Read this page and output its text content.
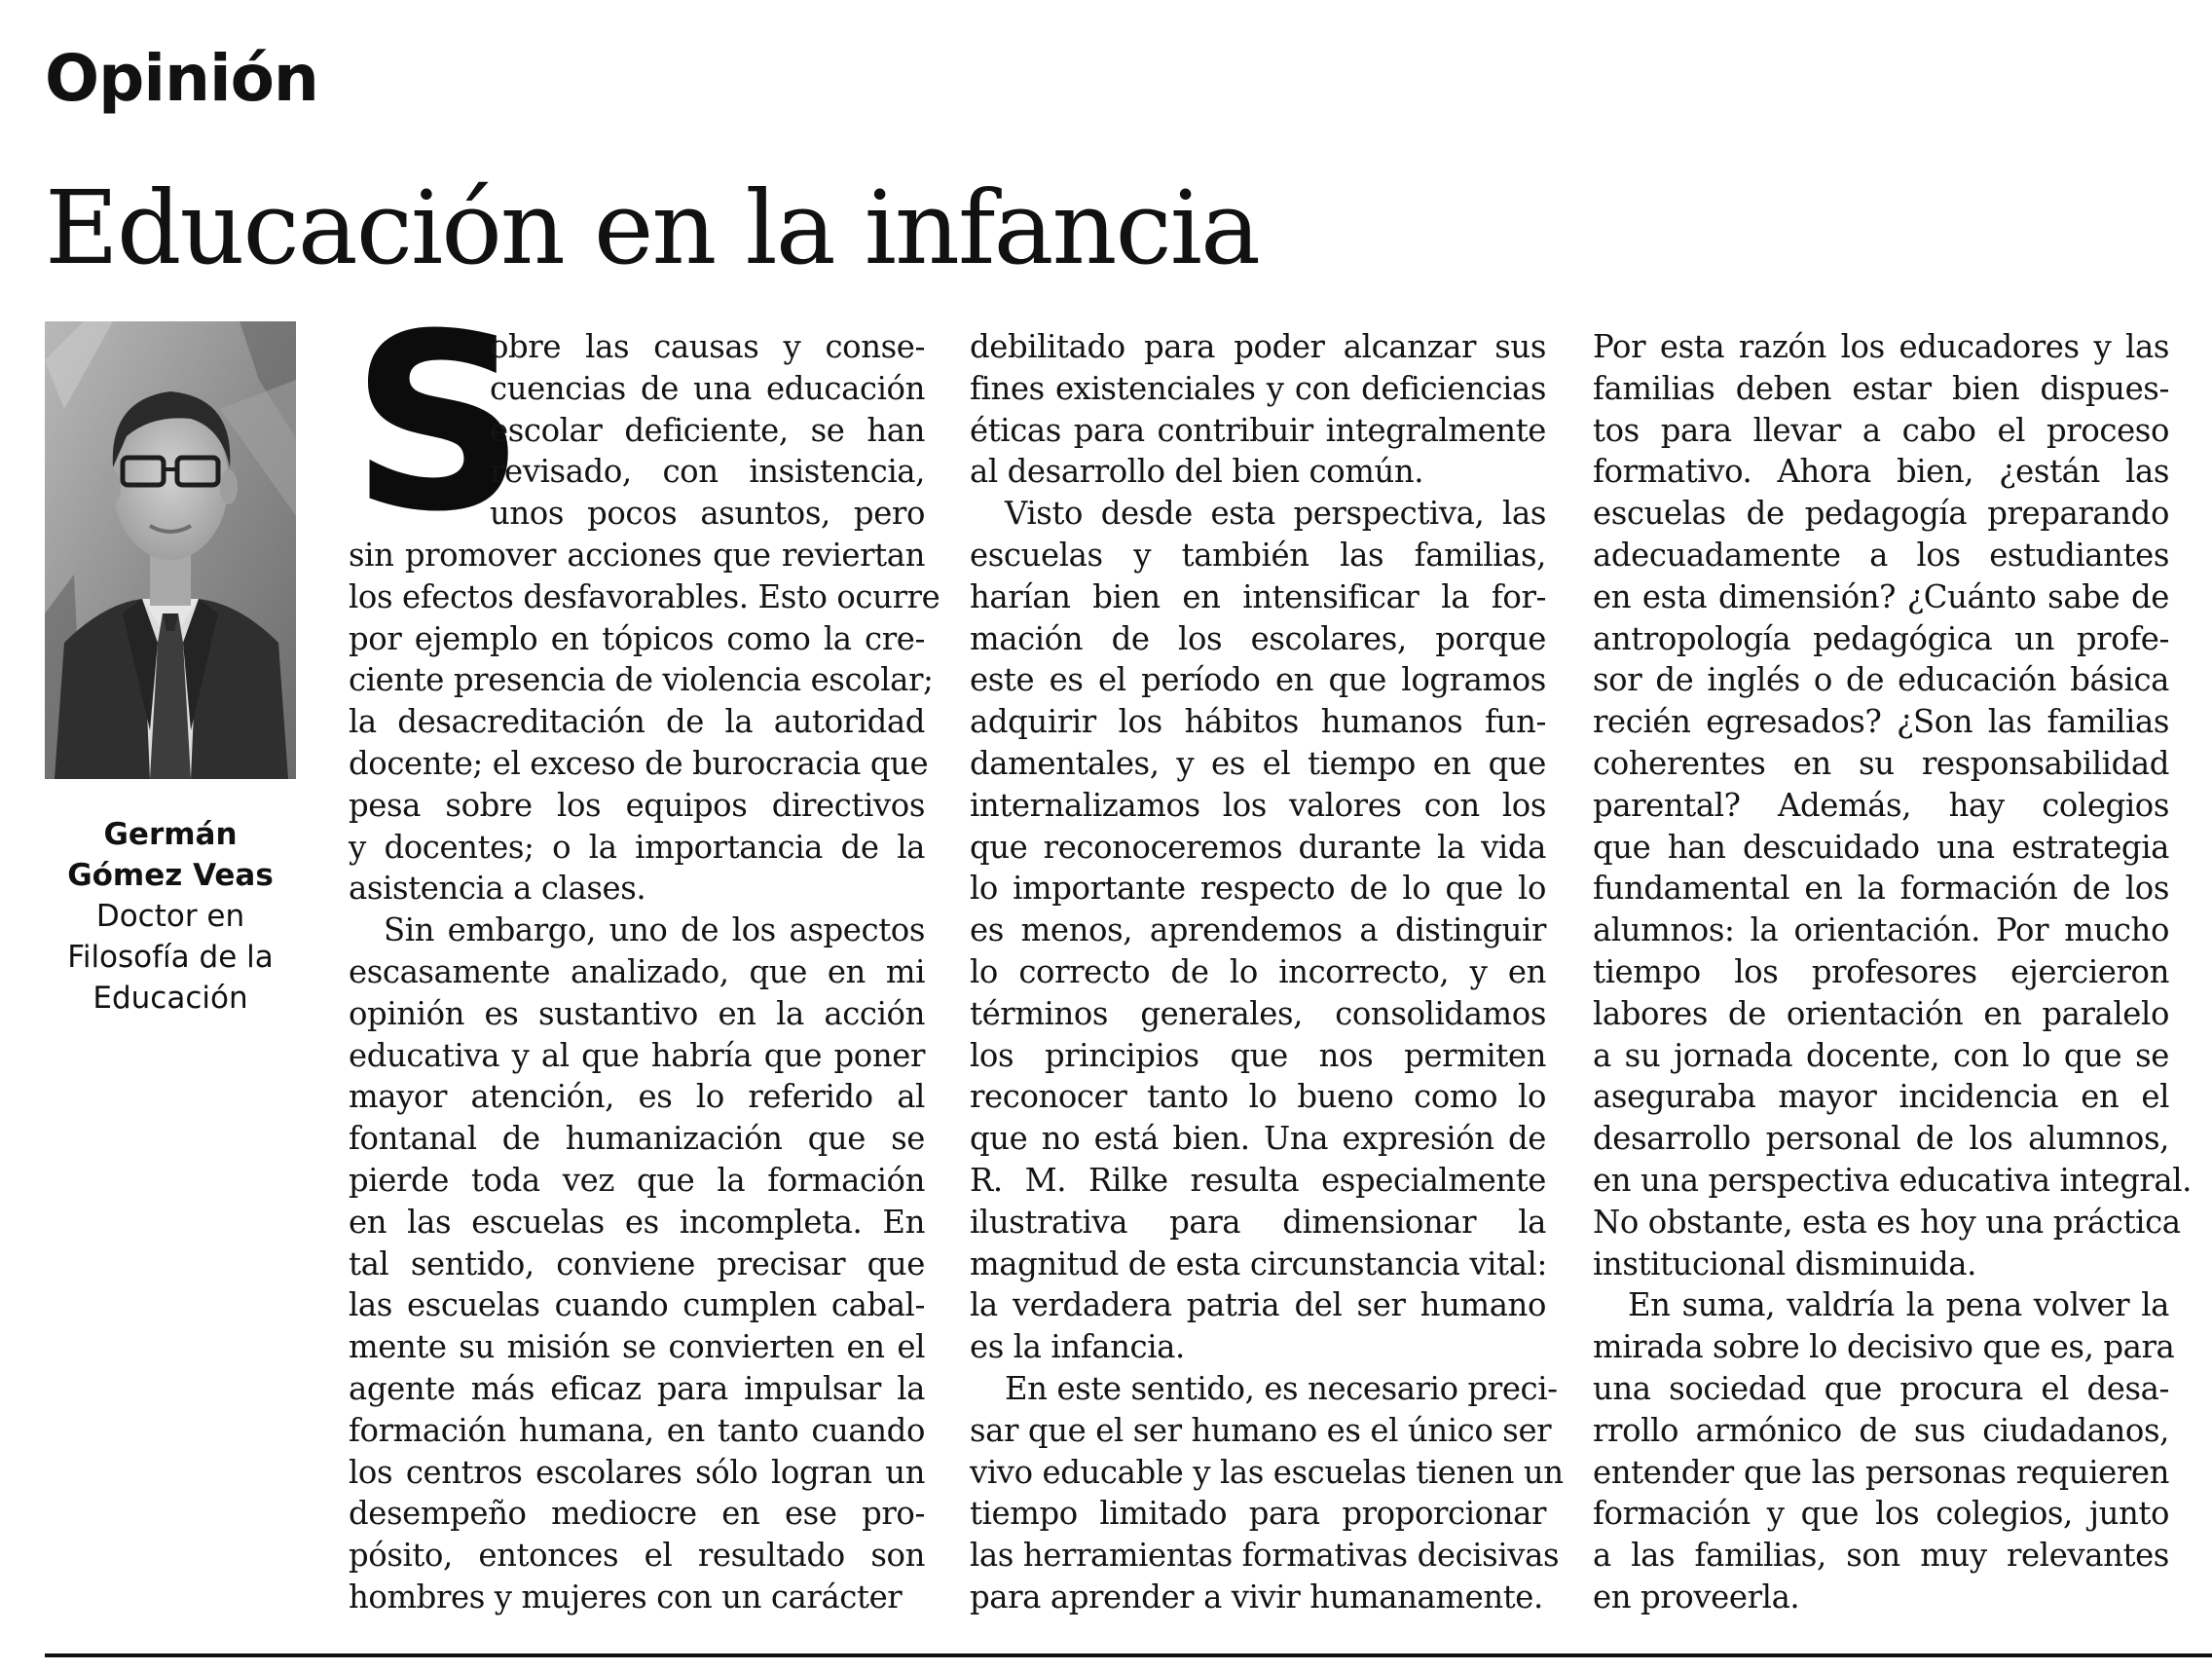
Opinión
Educación en la infancia
Germán
Gómez Veas
Doctor en
Filosofía de la
Educación
S
obre las causas y conse-
cuencias de una educación
escolar deficiente, se han
revisado, con insistencia,
unos pocos asuntos, pero
sin promover acciones que reviertan
los efectos desfavorables. Esto ocurre
por ejemplo en tópicos como la cre-
ciente presencia de violencia escolar;
la desacreditación de la autoridad
docente; el exceso de burocracia que
pesa sobre los equipos directivos
y docentes; o la importancia de la
asistencia a clases.
Sin embargo, uno de los aspectos
escasamente analizado, que en mi
opinión es sustantivo en la acción
educativa y al que habría que poner
mayor atención, es lo referido al
fontanal de humanización que se
pierde toda vez que la formación
en las escuelas es incompleta. En
tal sentido, conviene precisar que
las escuelas cuando cumplen cabal-
mente su misión se convierten en el
agente más eficaz para impulsar la
formación humana, en tanto cuando
los centros escolares sólo logran un
desempeño mediocre en ese pro-
pósito, entonces el resultado son
hombres y mujeres con un carácter
debilitado para poder alcanzar sus
fines existenciales y con deficiencias
éticas para contribuir integralmente
al desarrollo del bien común.
Visto desde esta perspectiva, las
escuelas y también las familias,
harían bien en intensificar la for-
mación de los escolares, porque
este es el período en que logramos
adquirir los hábitos humanos fun-
damentales, y es el tiempo en que
internalizamos los valores con los
que reconoceremos durante la vida
lo importante respecto de lo que lo
es menos, aprendemos a distinguir
lo correcto de lo incorrecto, y en
términos generales, consolidamos
los principios que nos permiten
reconocer tanto lo bueno como lo
que no está bien. Una expresión de
R. M. Rilke resulta especialmente
ilustrativa para dimensionar la
magnitud de esta circunstancia vital:
la verdadera patria del ser humano
es la infancia.
En este sentido, es necesario preci-
sar que el ser humano es el único ser
vivo educable y las escuelas tienen un
tiempo limitado para proporcionar
las herramientas formativas decisivas
para aprender a vivir humanamente.
Por esta razón los educadores y las
familias deben estar bien dispues-
tos para llevar a cabo el proceso
formativo. Ahora bien, ¿están las
escuelas de pedagogía preparando
adecuadamente a los estudiantes
en esta dimensión? ¿Cuánto sabe de
antropología pedagógica un profe-
sor de inglés o de educación básica
recién egresados? ¿Son las familias
coherentes en su responsabilidad
parental? Además, hay colegios
que han descuidado una estrategia
fundamental en la formación de los
alumnos: la orientación. Por mucho
tiempo los profesores ejercieron
labores de orientación en paralelo
a su jornada docente, con lo que se
aseguraba mayor incidencia en el
desarrollo personal de los alumnos,
en una perspectiva educativa integral.
No obstante, esta es hoy una práctica
institucional disminuida.
En suma, valdría la pena volver la
mirada sobre lo decisivo que es, para
una sociedad que procura el desa-
rrollo armónico de sus ciudadanos,
entender que las personas requieren
formación y que los colegios, junto
a las familias, son muy relevantes
en proveerla.
